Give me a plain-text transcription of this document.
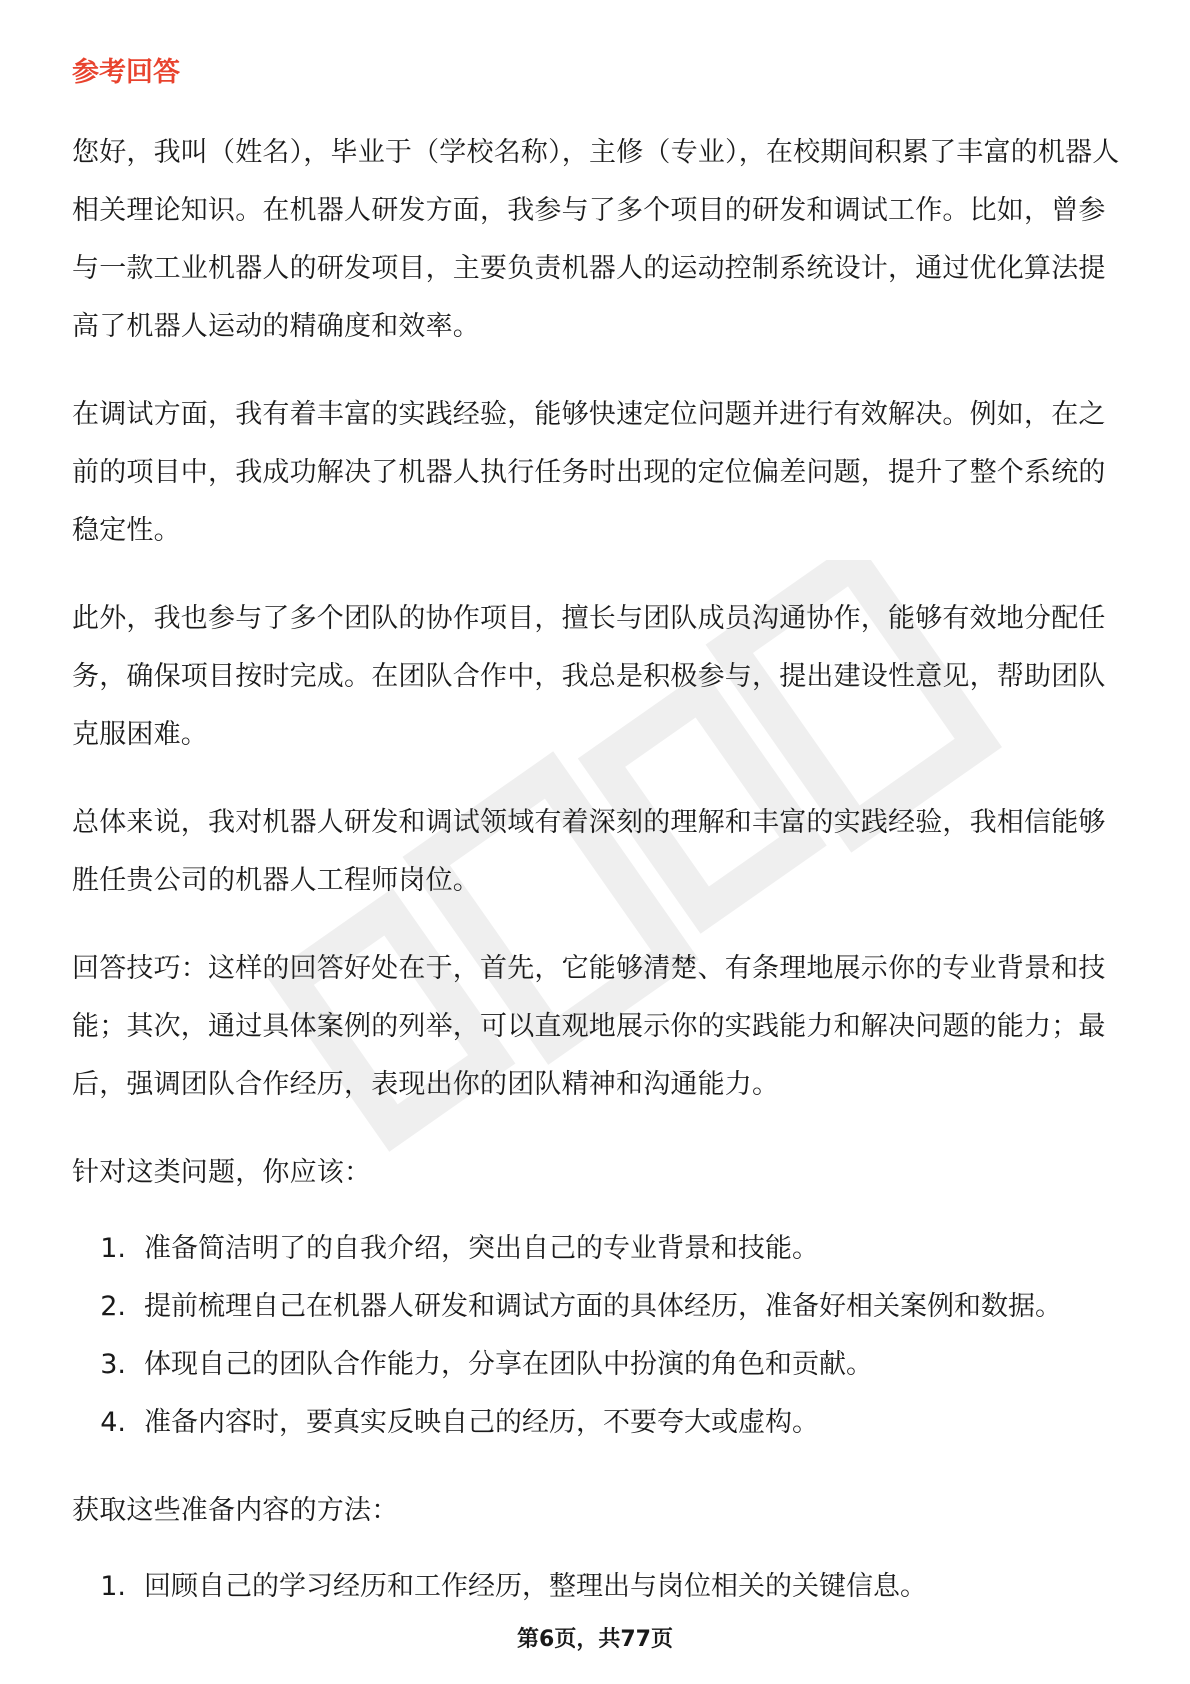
参考回答

您好，我叫（姓名），毕业于（学校名称），主修（专业），在校期间积累了丰富的机器人相关理论知识。在机器人研发方面，我参与了多个项目的研发和调试工作。比如，曾参与一款工业机器人的研发项目，主要负责机器人的运动控制系统设计，通过优化算法提高了机器人运动的精确度和效率。

在调试方面，我有着丰富的实践经验，能够快速定位问题并进行有效解决。例如，在之前的项目中，我成功解决了机器人执行任务时出现的定位偏差问题，提升了整个系统的稳定性。

此外，我也参与了多个团队的协作项目，擅长与团队成员沟通协作，能够有效地分配任务，确保项目按时完成。在团队合作中，我总是积极参与，提出建设性意见，帮助团队克服困难。

总体来说，我对机器人研发和调试领域有着深刻的理解和丰富的实践经验，我相信能够胜任贵公司的机器人工程师岗位。

回答技巧：这样的回答好处在于，首先，它能够清楚、有条理地展示你的专业背景和技能；其次，通过具体案例的列举，可以直观地展示你的实践能力和解决问题的能力；最后，强调团队合作经历，表现出你的团队精神和沟通能力。

针对这类问题，你应该：

1. 准备简洁明了的自我介绍，突出自己的专业背景和技能。
2. 提前梳理自己在机器人研发和调试方面的具体经历，准备好相关案例和数据。
3. 体现自己的团队合作能力，分享在团队中扮演的角色和贡献。
4. 准备内容时，要真实反映自己的经历，不要夸大或虚构。

获取这些准备内容的方法：

1. 回顾自己的学习经历和工作经历，整理出与岗位相关的关键信息。
第6页，共77页
